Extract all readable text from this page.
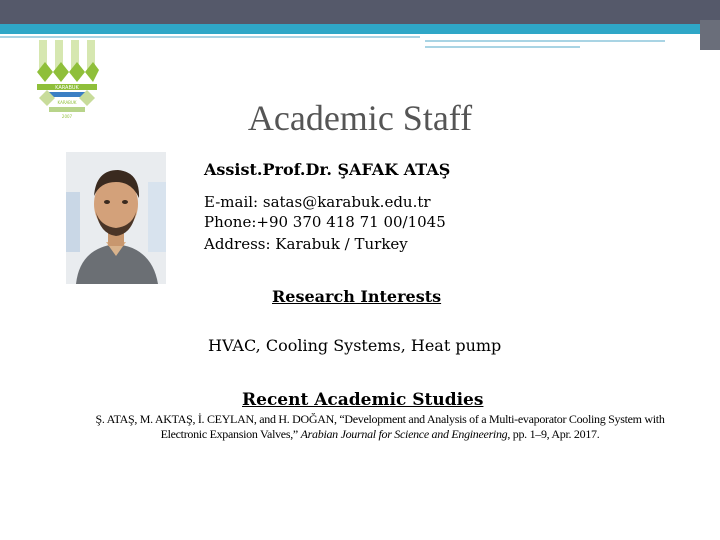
KARABUK
KARABUK
2007	Academic Staff
Assist.Prof.Dr. ŞAFAK ATAŞ
E-mail: satas@karabuk.edu.tr
Phone:+90 370 418 71 00/1045
Address: Karabuk / Turkey
Research Interests
HVAC, Cooling Systems, Heat pump
Recent Academic Studies
Ş. ATAŞ, M. AKTAŞ, İ. CEYLAN, and H. DOĞAN, “Development and Analysis of a Multi-evaporator Cooling System with Electronic Expansion Valves,” Arabian Journal for Science and Engineering, pp. 1–9, Apr. 2017.
